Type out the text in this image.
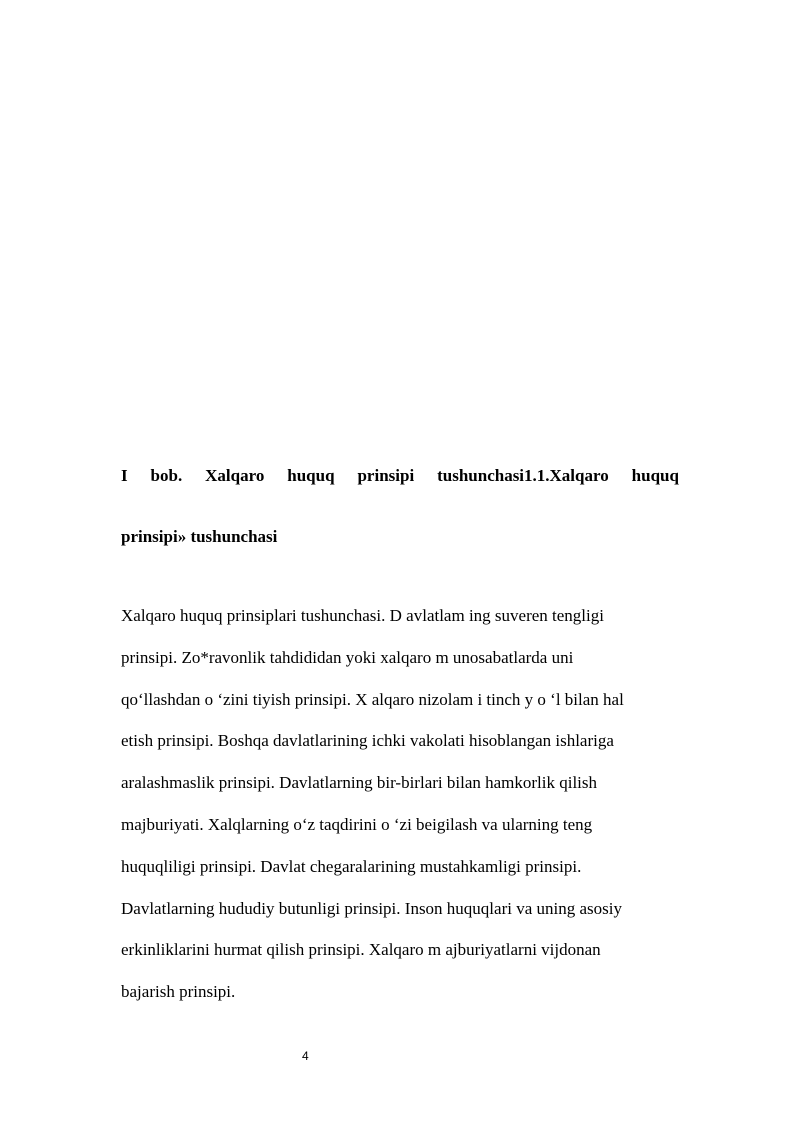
I bob. Xalqaro huquq prinsipi tushunchasi1.1.Xalqaro huquq
prinsipi» tushunchasi

Xalqaro huquq prinsiplari tushunchasi. D avlatlam ing suveren tengligi
prinsipi. Zo*ravonlik tahdididan yoki xalqaro m unosabatlarda uni
qo‘llashdan o ‘zini tiyish prinsipi. X alqaro nizolam i tinch y o ‘l bilan hal
etish prinsipi. Boshqa davlatlarining ichki vakolati hisoblangan ishlariga
aralashmaslik prinsipi. Davlatlarning bir-birlari bilan hamkorlik qilish
majburiyati. Xalqlarning o‘z taqdirini o ‘zi beigilash va ularning teng
huquqliligi prinsipi. Davlat chegaralarining mustahkamligi prinsipi.
Davlatlarning hududiy butunligi prinsipi. Inson huquqlari va uning asosiy
erkinliklarini hurmat qilish prinsipi. Xalqaro m ajburiyatlarni vijdonan
bajarish prinsipi.

4
